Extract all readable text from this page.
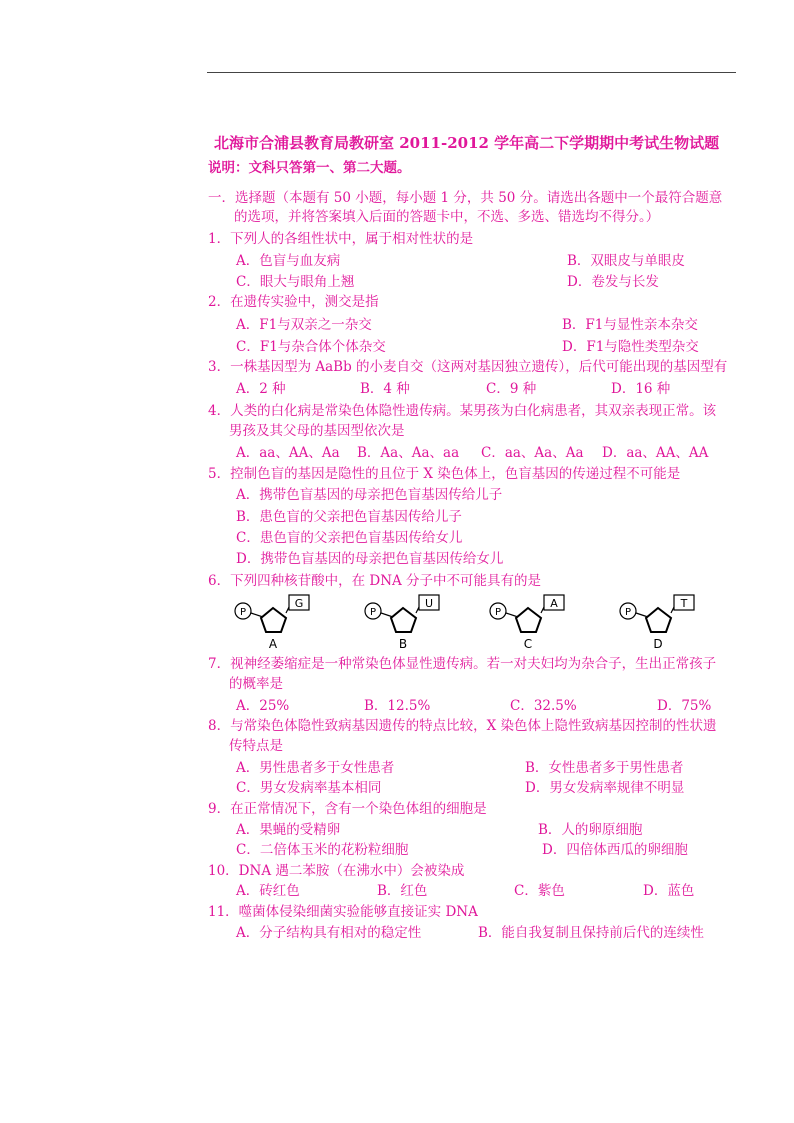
北海市合浦县教育局教研室 2011-2012 学年高二下学期期中考试生物试题
说明：文科只答第一、第二大题。
一．选择题（本题有 50 小题，每小题 1 分，共 50 分。请选出各题中一个最符合题意
的选项，并将答案填入后面的答题卡中，不选、多选、错选均不得分。）
1．下列人的各组性状中，属于相对性状的是
A．色盲与血友病	B．双眼皮与单眼皮
C．眼大与眼角上翘	D．卷发与长发
2．在遗传实验中，测交是指
A．F1与双亲之一杂交	B．F1与显性亲本杂交
C．F1与杂合体个体杂交	D．F1与隐性类型杂交
3．一株基因型为 AaBb 的小麦自交（这两对基因独立遗传），后代可能出现的基因型有
A．2 种	B．4 种	C．9 种	D．16 种
4．人类的白化病是常染色体隐性遗传病。某男孩为白化病患者，其双亲表现正常。该
男孩及其父母的基因型依次是
A．aa、AA、Aa B．Aa、Aa、aa C．aa、Aa、Aa D．aa、AA、AA
5．控制色盲的基因是隐性的且位于 X 染色体上，色盲基因的传递过程不可能是
A．携带色盲基因的母亲把色盲基因传给儿子
B．患色盲的父亲把色盲基因传给儿子
C．患色盲的父亲把色盲基因传给女儿
D．携带色盲基因的母亲把色盲基因传给女儿
6．下列四种核苷酸中，在 DNA 分子中不可能具有的是
P
G
A
P
U
B
P
A
C
P
T
D
7．视神经萎缩症是一种常染色体显性遗传病。若一对夫妇均为杂合子，生出正常孩子
的概率是
A．25%	B．12.5%	C．32.5%	D．75%
8．与常染色体隐性致病基因遗传的特点比较，X 染色体上隐性致病基因控制的性状遗
传特点是
A．男性患者多于女性患者	B．女性患者多于男性患者
C．男女发病率基本相同	D．男女发病率规律不明显
9．在正常情况下，含有一个染色体组的细胞是
A．果蝇的受精卵	B．人的卵原细胞
C．二倍体玉米的花粉粒细胞	D．四倍体西瓜的卵细胞
10．DNA 遇二苯胺（在沸水中）会被染成
A．砖红色	B．红色	C．紫色	D．蓝色
11．噬菌体侵染细菌实验能够直接证实 DNA
A．分子结构具有相对的稳定性	B．能自我复制且保持前后代的连续性
